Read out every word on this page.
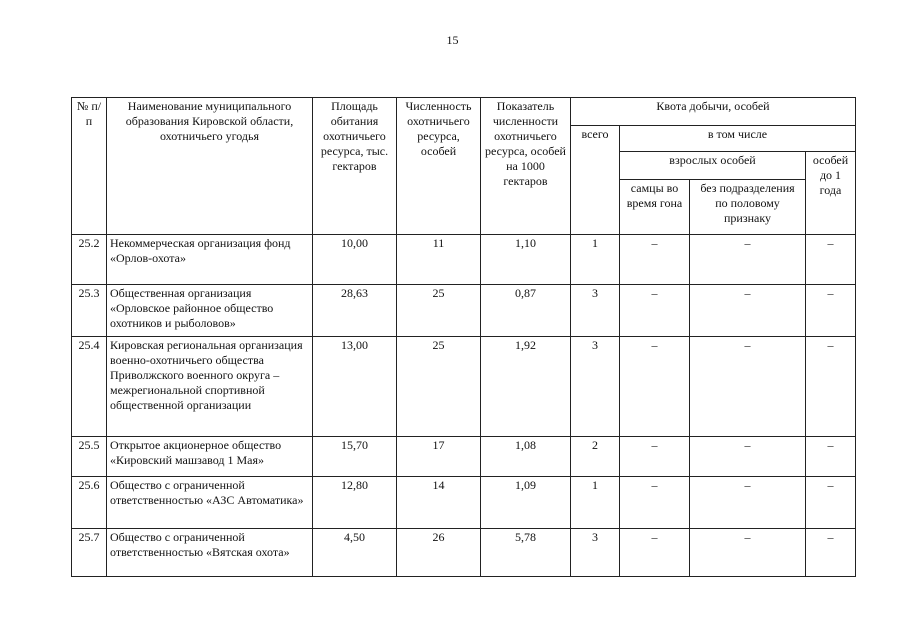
15
№ п/п	Наименование муниципального образования Кировской области, охотничьего угодья	Площадь обитания охотничьего ресурса, тыс. гектаров	Численность охотничьего ресурса, особей	Показатель численности охотничьего ресурса, особей на 1000 гектаров	Квота добычи, особей			
					всего	в том числе		
						взрослых особей		особей до 1 года
						самцы во время гона	без подразделения по половому признаку	
25.2	Некоммерческая организация фонд «Орлов-охота»	10,00	11	1,10	1	–	–	–
25.3	Общественная организация «Орловское районное общество охотников и рыболовов»	28,63	25	0,87	3	–	–	–
25.4	Кировская региональная организация военно-охотничьего общества Приволжского военного округа – межрегиональной спортивной общественной организации	13,00	25	1,92	3	–	–	–
25.5	Открытое акционерное общество «Кировский машзавод 1 Мая»	15,70	17	1,08	2	–	–	–
25.6	Общество с ограниченной ответственностью «АЗС Автоматика»	12,80	14	1,09	1	–	–	–
25.7	Общество с ограниченной ответственностью «Вятская охота»	4,50	26	5,78	3	–	–	–
